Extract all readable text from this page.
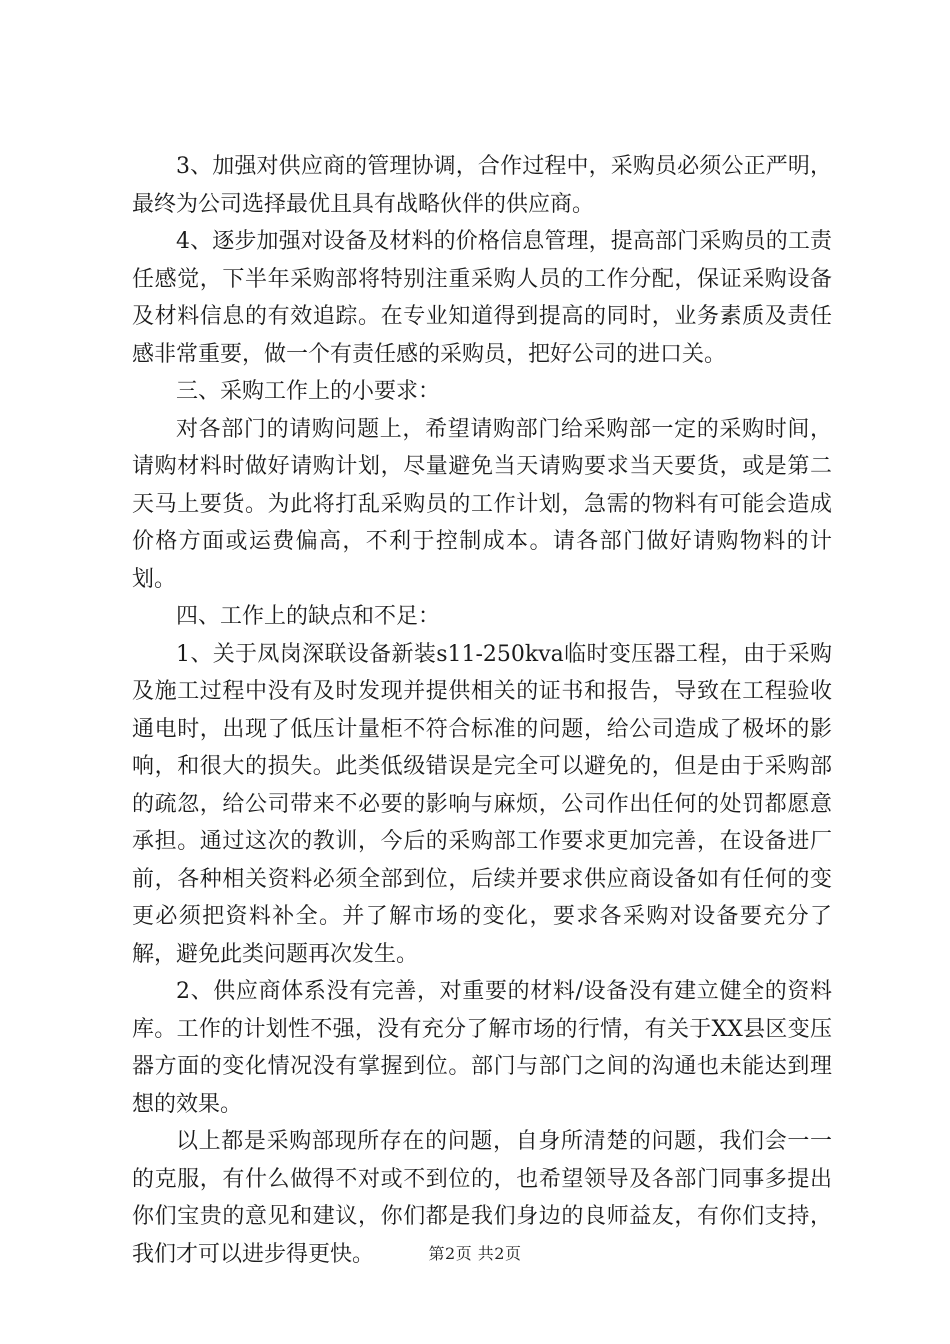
3、加强对供应商的管理协调，合作过程中，采购员必须公正严明，最终为公司选择最优且具有战略伙伴的供应商。

4、逐步加强对设备及材料的价格信息管理，提高部门采购员的工责任感觉，下半年采购部将特别注重采购人员的工作分配，保证采购设备及材料信息的有效追踪。在专业知道得到提高的同时，业务素质及责任感非常重要，做一个有责任感的采购员，把好公司的进口关。

三、采购工作上的小要求：

对各部门的请购问题上，希望请购部门给采购部一定的采购时间，请购材料时做好请购计划，尽量避免当天请购要求当天要货，或是第二天马上要货。为此将打乱采购员的工作计划，急需的物料有可能会造成价格方面或运费偏高，不利于控制成本。请各部门做好请购物料的计划。

四、工作上的缺点和不足：

1、关于凤岗深联设备新装s11-250kva临时变压器工程，由于采购及施工过程中没有及时发现并提供相关的证书和报告，导致在工程验收通电时，出现了低压计量柜不符合标准的问题，给公司造成了极坏的影响，和很大的损失。此类低级错误是完全可以避免的，但是由于采购部的疏忽，给公司带来不必要的影响与麻烦，公司作出任何的处罚都愿意承担。通过这次的教训，今后的采购部工作要求更加完善，在设备进厂前，各种相关资料必须全部到位，后续并要求供应商设备如有任何的变更必须把资料补全。并了解市场的变化，要求各采购对设备要充分了解，避免此类问题再次发生。

2、供应商体系没有完善，对重要的材料/设备没有建立健全的资料库。工作的计划性不强，没有充分了解市场的行情，有关于XX县区变压器方面的变化情况没有掌握到位。部门与部门之间的沟通也未能达到理想的效果。

以上都是采购部现所存在的问题，自身所清楚的问题，我们会一一的克服，有什么做得不对或不到位的，也希望领导及各部门同事多提出你们宝贵的意见和建议，你们都是我们身边的良师益友，有你们支持，我们才可以进步得更快。	第2页 共2页
